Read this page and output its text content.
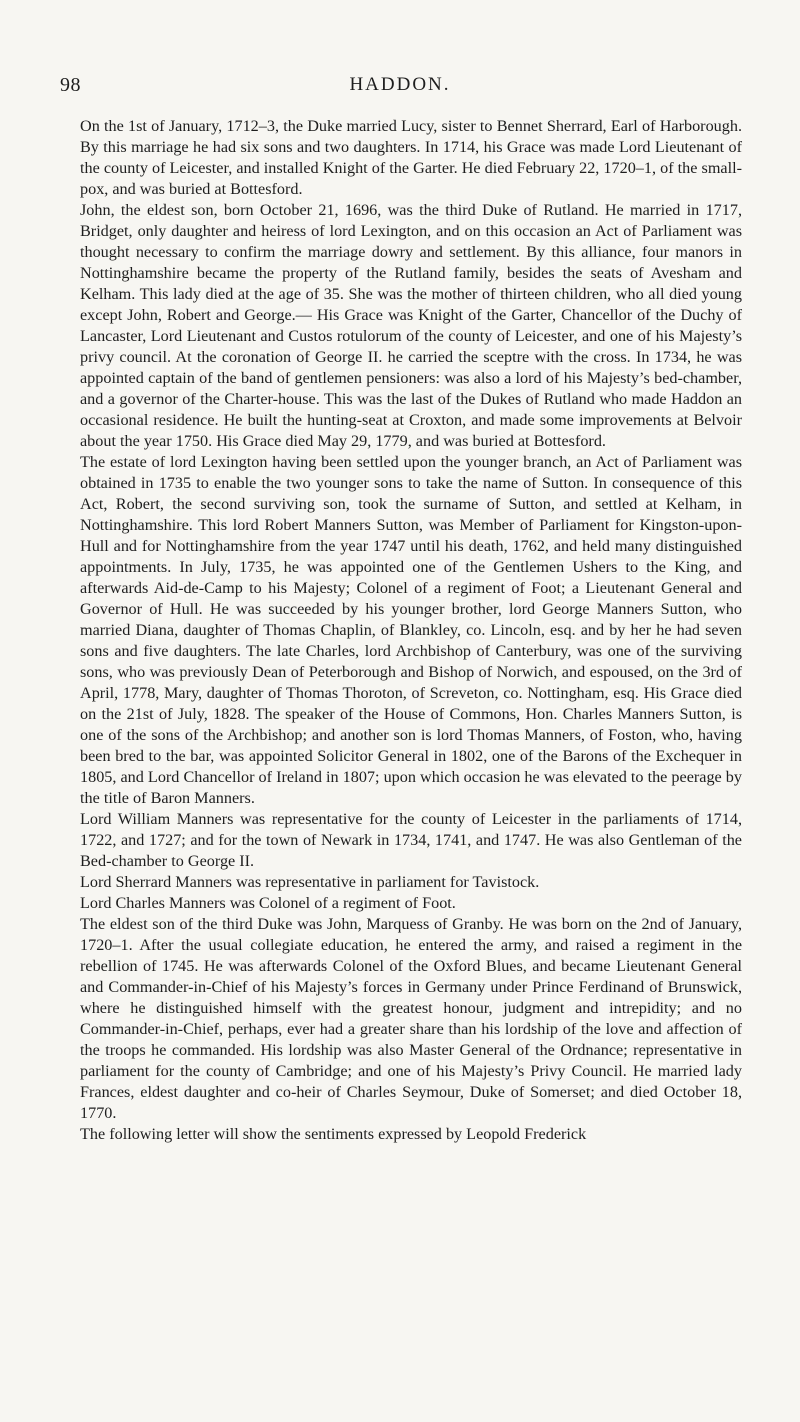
98	HADDON.

On the 1st of January, 1712–3, the Duke married Lucy, sister to Bennet Sherrard, Earl of Harborough. By this marriage he had six sons and two daughters. In 1714, his Grace was made Lord Lieutenant of the county of Leicester, and installed Knight of the Garter. He died February 22, 1720–1, of the small-pox, and was buried at Bottesford.

John, the eldest son, born October 21, 1696, was the third Duke of Rutland. He married in 1717, Bridget, only daughter and heiress of lord Lexington, and on this occasion an Act of Parliament was thought necessary to confirm the marriage dowry and settlement. By this alliance, four manors in Nottinghamshire became the property of the Rutland family, besides the seats of Avesham and Kelham. This lady died at the age of 35. She was the mother of thirteen children, who all died young except John, Robert and George.— His Grace was Knight of the Garter, Chancellor of the Duchy of Lancaster, Lord Lieutenant and Custos rotulorum of the county of Leicester, and one of his Majesty’s privy council. At the coronation of George II. he carried the sceptre with the cross. In 1734, he was appointed captain of the band of gentlemen pensioners: was also a lord of his Majesty’s bed-chamber, and a governor of the Charter-house. This was the last of the Dukes of Rutland who made Haddon an occasional residence. He built the hunting-seat at Croxton, and made some improvements at Belvoir about the year 1750. His Grace died May 29, 1779, and was buried at Bottesford.

The estate of lord Lexington having been settled upon the younger branch, an Act of Parliament was obtained in 1735 to enable the two younger sons to take the name of Sutton. In consequence of this Act, Robert, the second surviving son, took the surname of Sutton, and settled at Kelham, in Nottinghamshire. This lord Robert Manners Sutton, was Member of Parliament for Kingston-upon-Hull and for Nottinghamshire from the year 1747 until his death, 1762, and held many distinguished appointments. In July, 1735, he was appointed one of the Gentlemen Ushers to the King, and afterwards Aid-de-Camp to his Majesty; Colonel of a regiment of Foot; a Lieutenant General and Governor of Hull. He was succeeded by his younger brother, lord George Manners Sutton, who married Diana, daughter of Thomas Chaplin, of Blankley, co. Lincoln, esq. and by her he had seven sons and five daughters. The late Charles, lord Archbishop of Canterbury, was one of the surviving sons, who was previously Dean of Peterborough and Bishop of Norwich, and espoused, on the 3rd of April, 1778, Mary, daughter of Thomas Thoroton, of Screveton, co. Nottingham, esq. His Grace died on the 21st of July, 1828. The speaker of the House of Commons, Hon. Charles Manners Sutton, is one of the sons of the Archbishop; and another son is lord Thomas Manners, of Foston, who, having been bred to the bar, was appointed Solicitor General in 1802, one of the Barons of the Exchequer in 1805, and Lord Chancellor of Ireland in 1807; upon which occasion he was elevated to the peerage by the title of Baron Manners.

Lord William Manners was representative for the county of Leicester in the parliaments of 1714, 1722, and 1727; and for the town of Newark in 1734, 1741, and 1747. He was also Gentleman of the Bed-chamber to George II.

Lord Sherrard Manners was representative in parliament for Tavistock.

Lord Charles Manners was Colonel of a regiment of Foot.

The eldest son of the third Duke was John, Marquess of Granby. He was born on the 2nd of January, 1720–1. After the usual collegiate education, he entered the army, and raised a regiment in the rebellion of 1745. He was afterwards Colonel of the Oxford Blues, and became Lieutenant General and Commander-in-Chief of his Majesty’s forces in Germany under Prince Ferdinand of Brunswick, where he distinguished himself with the greatest honour, judgment and intrepidity; and no Commander-in-Chief, perhaps, ever had a greater share than his lordship of the love and affection of the troops he commanded. His lordship was also Master General of the Ordnance; representative in parliament for the county of Cambridge; and one of his Majesty’s Privy Council. He married lady Frances, eldest daughter and co-heir of Charles Seymour, Duke of Somerset; and died October 18, 1770.

The following letter will show the sentiments expressed by Leopold Frederick
